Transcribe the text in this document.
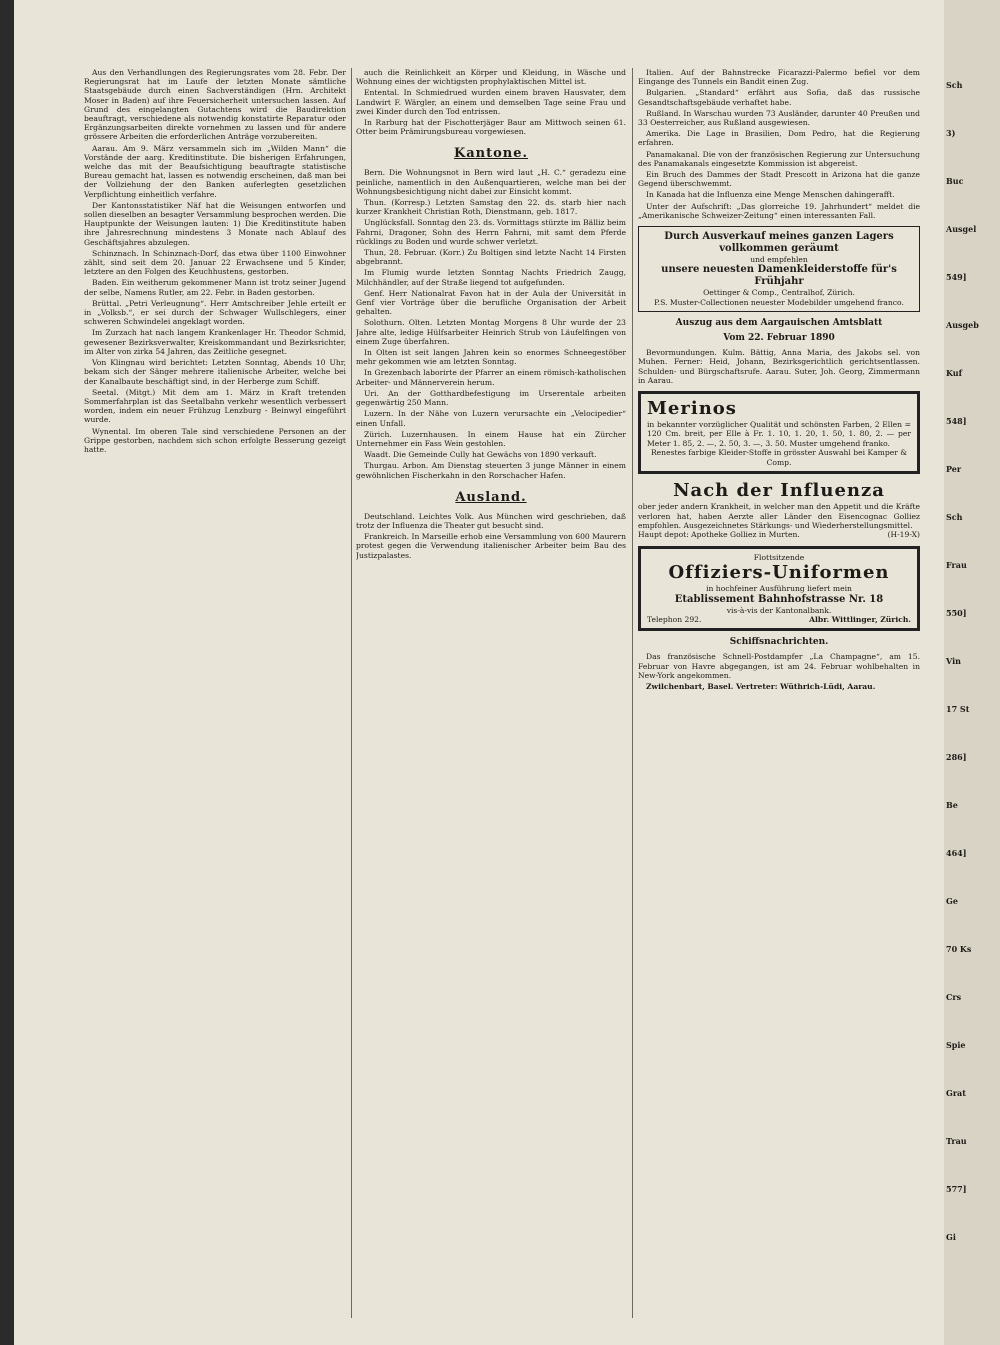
Aus den Verhandlungen des Regierungsrates vom 28. Febr. Der Regierungsrat hat im Laufe der letzten Monate sämtliche Staatsgebäude durch einen Sachverständigen (Hrn. Architekt Moser in Baden) auf ihre Feuersicherheit untersuchen lassen. Auf Grund des eingelangten Gutachtens wird die Baudirektion beauftragt, verschiedene als notwendig konstatirte Reparatur oder Ergänzungsarbeiten direkte vornehmen zu lassen und für andere grössere Arbeiten die erforderlichen Anträge vorzubereiten.

Aarau. Am 9. März versammeln sich im „Wilden Mann“ die Vorstände der aarg. Kreditinstitute. Die bisherigen Erfahrungen, welche das mit der Beaufsichtigung beauftragte statistische Bureau gemacht hat, lassen es notwendig erscheinen, daß man bei der Vollziehung der den Banken auferlegten gesetzlichen Verpflichtung einheitlich verfahre.

Der Kantonsstatistiker Näf hat die Weisungen entworfen und sollen dieselben an besagter Versammlung besprochen werden. Die Hauptpunkte der Weisungen lauten: 1) Die Kreditinstitute haben ihre Jahresrechnung mindestens 3 Monate nach Ablauf des Geschäftsjahres abzulegen.

Schinznach. In Schinznach-Dorf, das etwa über 1100 Einwohner zählt, sind seit dem 20. Januar 22 Erwachsene und 5 Kinder, letztere an den Folgen des Keuchhustens, gestorben.

Baden. Ein weitherum gekommener Mann ist trotz seiner Jugend der selbe, Namens Rutler, am 22. Febr. in Baden gestorben.

Brüttal. „Petri Verleugnung“. Herr Amtschreiber Jehle erteilt er in „Volksb.“, er sei durch der Schwager Wullschlegers, einer schweren Schwindelei angeklagt worden.

Im Zurzach hat nach langem Krankenlager Hr. Theodor Schmid, gewesener Bezirksverwalter, Kreiskommandant und Bezirksrichter, im Alter von zirka 54 Jahren, das Zeitliche gesegnet.

Von Klingnau wird berichtet: Letzten Sonntag, Abends 10 Uhr, bekam sich der Sänger mehrere italienische Arbeiter, welche bei der Kanalbaute beschäftigt sind, in der Herberge zum Schiff.

Seetal. (Mitgt.) Mit dem am 1. März in Kraft tretenden Sommerfahrplan ist das Seetalbahn verkehr wesentlich verbessert worden, indem ein neuer Frühzug Lenzburg - Beinwyl eingeführt wurde.

Wynental. Im oberen Tale sind verschiedene Personen an der Grippe gestorben, nachdem sich schon erfolgte Besserung gezeigt hatte.

auch die Reinlichkeit an Körper und Kleidung, in Wäsche und Wohnung eines der wichtigsten prophylaktischen Mittel ist.

Entental. In Schmiedrued wurden einem braven Hausvater, dem Landwirt F. Wärgler, an einem und demselben Tage seine Frau und zwei Kinder durch den Tod entrissen.

In Rarburg hat der Fischotterjäger Baur am Mittwoch seinen 61. Otter beim Prämirungsbureau vorgewiesen.

Kantone.

Bern. Die Wohnungsnot in Bern wird laut „H. C.“ geradezu eine peinliche, namentlich in den Außenquartieren, welche man bei der Wohnungsbesichtigung nicht dabei zur Einsicht kommt.

Thun. (Korresp.) Letzten Samstag den 22. ds. starb hier nach kurzer Krankheit Christian Roth, Dienstmann, geb. 1817.

Unglücksfall. Sonntag den 23. ds. Vormittags stürzte im Bälliz beim Fahrni, Dragoner, Sohn des Herrn Fahrni, mit samt dem Pferde rücklings zu Boden und wurde schwer verletzt.

Thun, 28. Februar. (Korr.) Zu Boltigen sind letzte Nacht 14 Firsten abgebrannt.

Im Flumig wurde letzten Sonntag Nachts Friedrich Zaugg, Milchhändler, auf der Straße liegend tot aufgefunden.

Genf. Herr Nationalrat Favon hat in der Aula der Universität in Genf vier Vorträge über die berufliche Organisation der Arbeit gehalten.

Solothurn. Olten. Letzten Montag Morgens 8 Uhr wurde der 23 Jahre alte, ledige Hülfsarbeiter Heinrich Strub von Läufelfingen von einem Zuge überfahren.

In Olten ist seit langen Jahren kein so enormes Schneegestöber mehr gekommen wie am letzten Sonntag.

In Grezenbach laborirte der Pfarrer an einem römisch-katholischen Arbeiter- und Männerverein herum.

Uri. An der Gotthardbefestigung im Urserentale arbeiten gegenwärtig 250 Mann.

Luzern. In der Nähe von Luzern verursachte ein „Velocipedier“ einen Unfall.

Zürich. Luzernhausen. In einem Hause hat ein Zürcher Unternehmer ein Fass Wein gestohlen.

Waadt. Die Gemeinde Cully hat Gewächs von 1890 verkauft.

Thurgau. Arbon. Am Dienstag steuerten 3 junge Männer in einem gewöhnlichen Fischerkahn in den Rorschacher Hafen.

Ausland.

Deutschland. Leichtes Volk. Aus München wird geschrieben, daß trotz der Influenza die Theater gut besucht sind.

Frankreich. In Marseille erhob eine Versammlung von 600 Maurern protest gegen die Verwendung italienischer Arbeiter beim Bau des Justizpalastes.

Italien. Auf der Bahnstrecke Ficarazzi-Palermo befiel vor dem Eingange des Tunnels ein Bandit einen Zug.

Bulgarien. „Standard“ erfährt aus Sofia, daß das russische Gesandtschaftsgebäude verhaftet habe.

Rußland. In Warschau wurden 73 Ausländer, darunter 40 Preußen und 33 Oesterreicher, aus Rußland ausgewiesen.

Amerika. Die Lage in Brasilien, Dom Pedro, hat die Regierung erfahren.

Panamakanal. Die von der französischen Regierung zur Untersuchung des Panamakanals eingesetzte Kommission ist abgereist.

Ein Bruch des Dammes der Stadt Prescott in Arizona hat die ganze Gegend überschwemmt.

In Kanada hat die Influenza eine Menge Menschen dahingerafft.

Unter der Aufschrift: „Das glorreiche 19. Jahrhundert“ meldet die „Amerikanische Schweizer-Zeitung“ einen interessanten Fall.

Durch Ausverkauf meines ganzen Lagers vollkommen geräumt
und empfehlen
unsere neuesten Damenkleiderstoffe für's Frühjahr
Oettinger & Comp., Centralhof, Zürich.
P.S. Muster-Collectionen neuester Modebilder umgehend franco.
Auszug aus dem Aargauischen Amtsblatt
Vom 22. Februar 1890

Bevormundungen. Kulm. Bättig, Anna Maria, des Jakobs sel. von Muhen. Ferner: Heid, Johann, Bezirksgerichtlich gerichtsentlassen. Schulden- und Bürgschaftsrufe. Aarau. Suter, Joh. Georg, Zimmermann in Aarau.

Merinos
in bekannter vorzüglicher Qualität und schönsten Farben, 2 Ellen = 120 Cm. breit, per Elle à Fr. 1. 10, 1. 20, 1. 50, 1. 80, 2. — per Meter 1. 85, 2. —, 2. 50, 3. —, 3. 50. Muster umgehend franko.
Renestes farbige Kleider-Stoffe in grösster Auswahl bei Kamper & Comp.
Nach der Influenza
ober jeder andern Krankheit, in welcher man den Appetit und die Kräfte verloren hat, haben Aerzte aller Länder den Eisencognac Golliez empfohlen. Ausgezeichnetes Stärkungs- und Wiederherstellungsmittel.
Haupt depot: Apotheke Golliez in Murten.	(H-19-X)
Flottsitzende
Offiziers-Uniformen
in hochfeiner Ausführung liefert mein
Etablissement Bahnhofstrasse Nr. 18
vis-à-vis der Kantonalbank.
Telephon 292.	Albr. Wittlinger, Zürich.
Schiffsnachrichten.

Das französische Schnell-Postdampfer „La Champagne“, am 15. Februar von Havre abgegangen, ist am 24. Februar wohlbehalten in New-York angekommen.

Zwilchenbart, Basel. Vertreter: Wüthrich-Lüdi, Aarau.

Sch
3)
Buc
Ausgel
549]
Ausgeb
Kuf
548]
Per
Sch
Frau
550]
Vin
17 St
286]
Be
464]
Ge
70 Ks
Crs
Spie
Grat
Trau
577]
Gi
